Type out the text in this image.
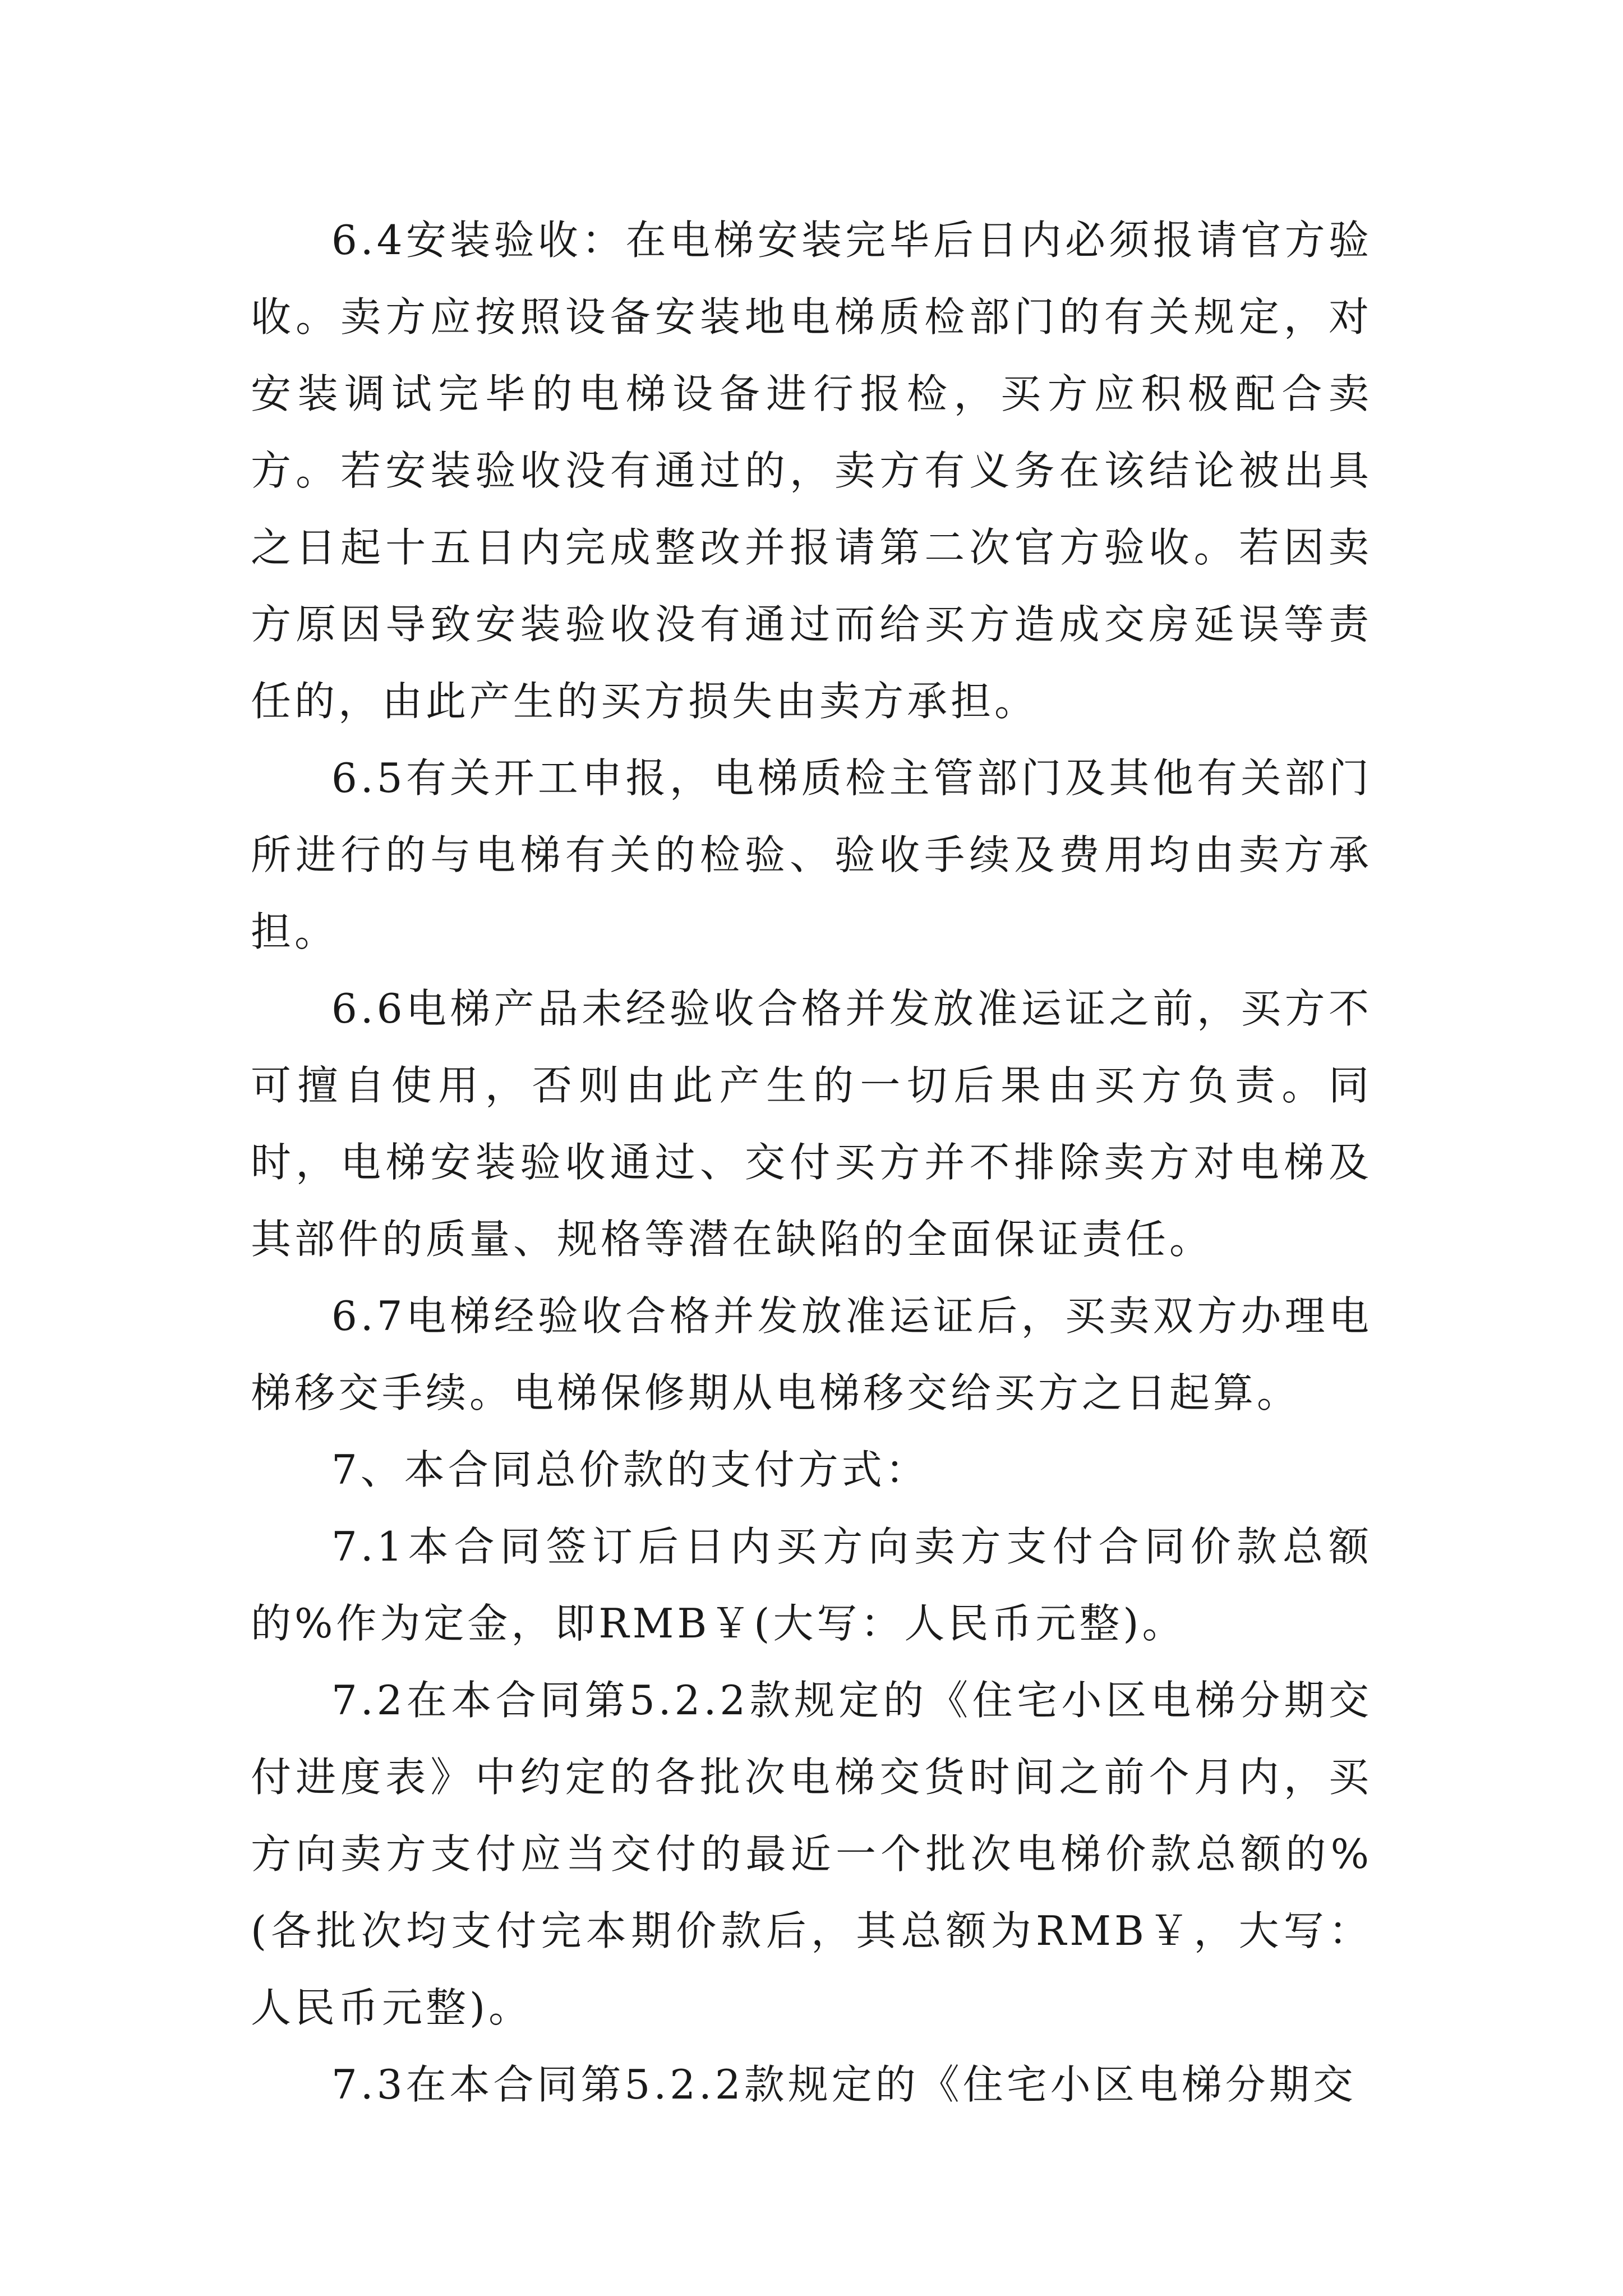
6.4安装验收：在电梯安装完毕后日内必须报请官方验收。卖方应按照设备安装地电梯质检部门的有关规定，对安装调试完毕的电梯设备进行报检，买方应积极配合卖方。若安装验收没有通过的，卖方有义务在该结论被出具之日起十五日内完成整改并报请第二次官方验收。若因卖方原因导致安装验收没有通过而给买方造成交房延误等责任的，由此产生的买方损失由卖方承担。

6.5有关开工申报，电梯质检主管部门及其他有关部门所进行的与电梯有关的检验、验收手续及费用均由卖方承担。

6.6电梯产品未经验收合格并发放准运证之前，买方不可擅自使用，否则由此产生的一切后果由买方负责。同时，电梯安装验收通过、交付买方并不排除卖方对电梯及其部件的质量、规格等潜在缺陷的全面保证责任。

6.7电梯经验收合格并发放准运证后，买卖双方办理电梯移交手续。电梯保修期从电梯移交给买方之日起算。

7、本合同总价款的支付方式：

7.1本合同签订后日内买方向卖方支付合同价款总额的%作为定金，即RMB￥(大写：人民币元整)。

7.2在本合同第5.2.2款规定的《住宅小区电梯分期交付进度表》中约定的各批次电梯交货时间之前个月内，买方向卖方支付应当交付的最近一个批次电梯价款总额的%(各批次均支付完本期价款后，其总额为RMB￥，大写：人民币元整)。

7.3在本合同第5.2.2款规定的《住宅小区电梯分期交
